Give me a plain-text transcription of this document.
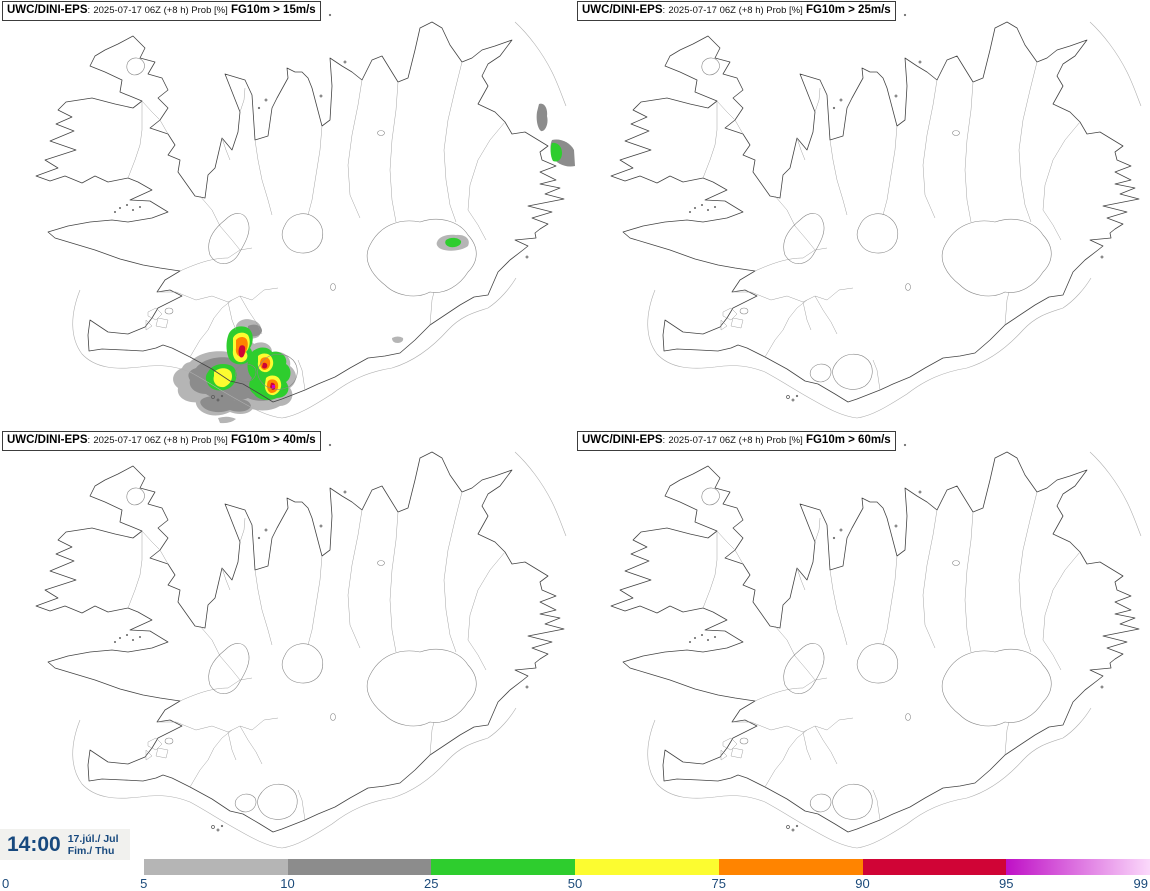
UWC/DINI-EPS: 2025-07-17 06Z (+8 h) Prob [%] FG10m > 15m/s	UWC/DINI-EPS: 2025-07-17 06Z (+8 h) Prob [%] FG10m > 25m/s
UWC/DINI-EPS: 2025-07-17 06Z (+8 h) Prob [%] FG10m > 40m/s	UWC/DINI-EPS: 2025-07-17 06Z (+8 h) Prob [%] FG10m > 60m/s
14:00 17.júl./ Jul
Fim./ Thu
0	5	10	25	50	75	90	95	99
